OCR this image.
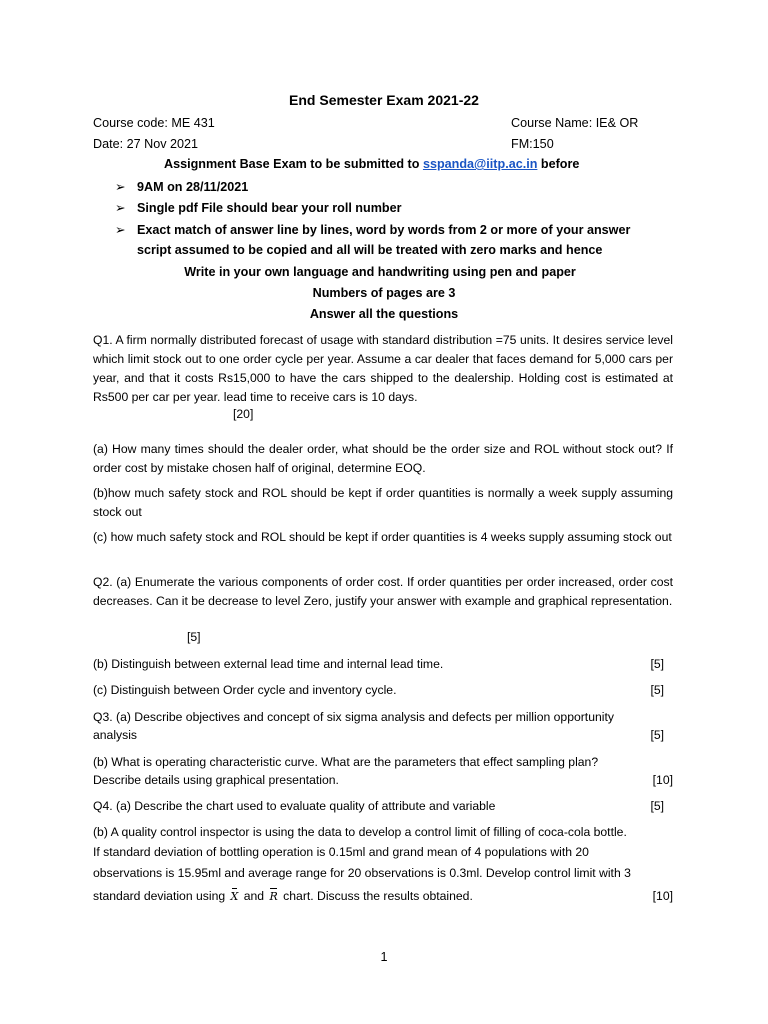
End Semester Exam 2021-22
Course code: ME 431	Course Name: IE& OR
Date: 27 Nov 2021	FM:150
Assignment Base Exam to be submitted to sspanda@iitp.ac.in before
➢ 9AM on 28/11/2021
➢ Single pdf File should bear your roll number
➢ Exact match of answer line by lines, word by words from 2 or more of your answer
script assumed to be copied and all will be treated with zero marks and hence
Write in your own language and handwriting using pen and paper
Numbers of pages are 3
Answer all the questions

Q1. A firm normally distributed forecast of usage with standard distribution =75 units. It desires service level which limit stock out to one order cycle per year. Assume a car dealer that faces demand for 5,000 cars per year, and that it costs Rs15,000 to have the cars shipped to the dealership. Holding cost is estimated at Rs500 per car per year. lead time to receive cars is 10 days.

[20]

(a) How many times should the dealer order, what should be the order size and ROL without stock out? If order cost by mistake chosen half of original, determine EOQ.

(b)how much safety stock and ROL should be kept if order quantities is normally a week supply assuming stock out

(c) how much safety stock and ROL should be kept if order quantities is 4 weeks supply assuming stock out

Q2. (a) Enumerate the various components of order cost. If order quantities per order increased, order cost decreases. Can it be decrease to level Zero, justify your answer with example and graphical representation.

[5]
(b) Distinguish between external lead time and internal lead time.	[5]
(c) Distinguish between Order cycle and inventory cycle.	[5]
Q3. (a) Describe objectives and concept of six sigma analysis and defects per million opportunity
analysis	[5]
(b) What is operating characteristic curve. What are the parameters that effect sampling plan?
Describe details using graphical presentation.	[10]
Q4. (a) Describe the chart used to evaluate quality of attribute and variable	[5]
(b) A quality control inspector is using the data to develop a control limit of filling of coca-cola bottle.
If standard deviation of bottling operation is 0.15ml and grand mean of 4 populations with 20
observations is 15.95ml and average range for 20 observations is 0.3ml. Develop control limit with 3
standard deviation using X and R chart. Discuss the results obtained.	[10]
1
